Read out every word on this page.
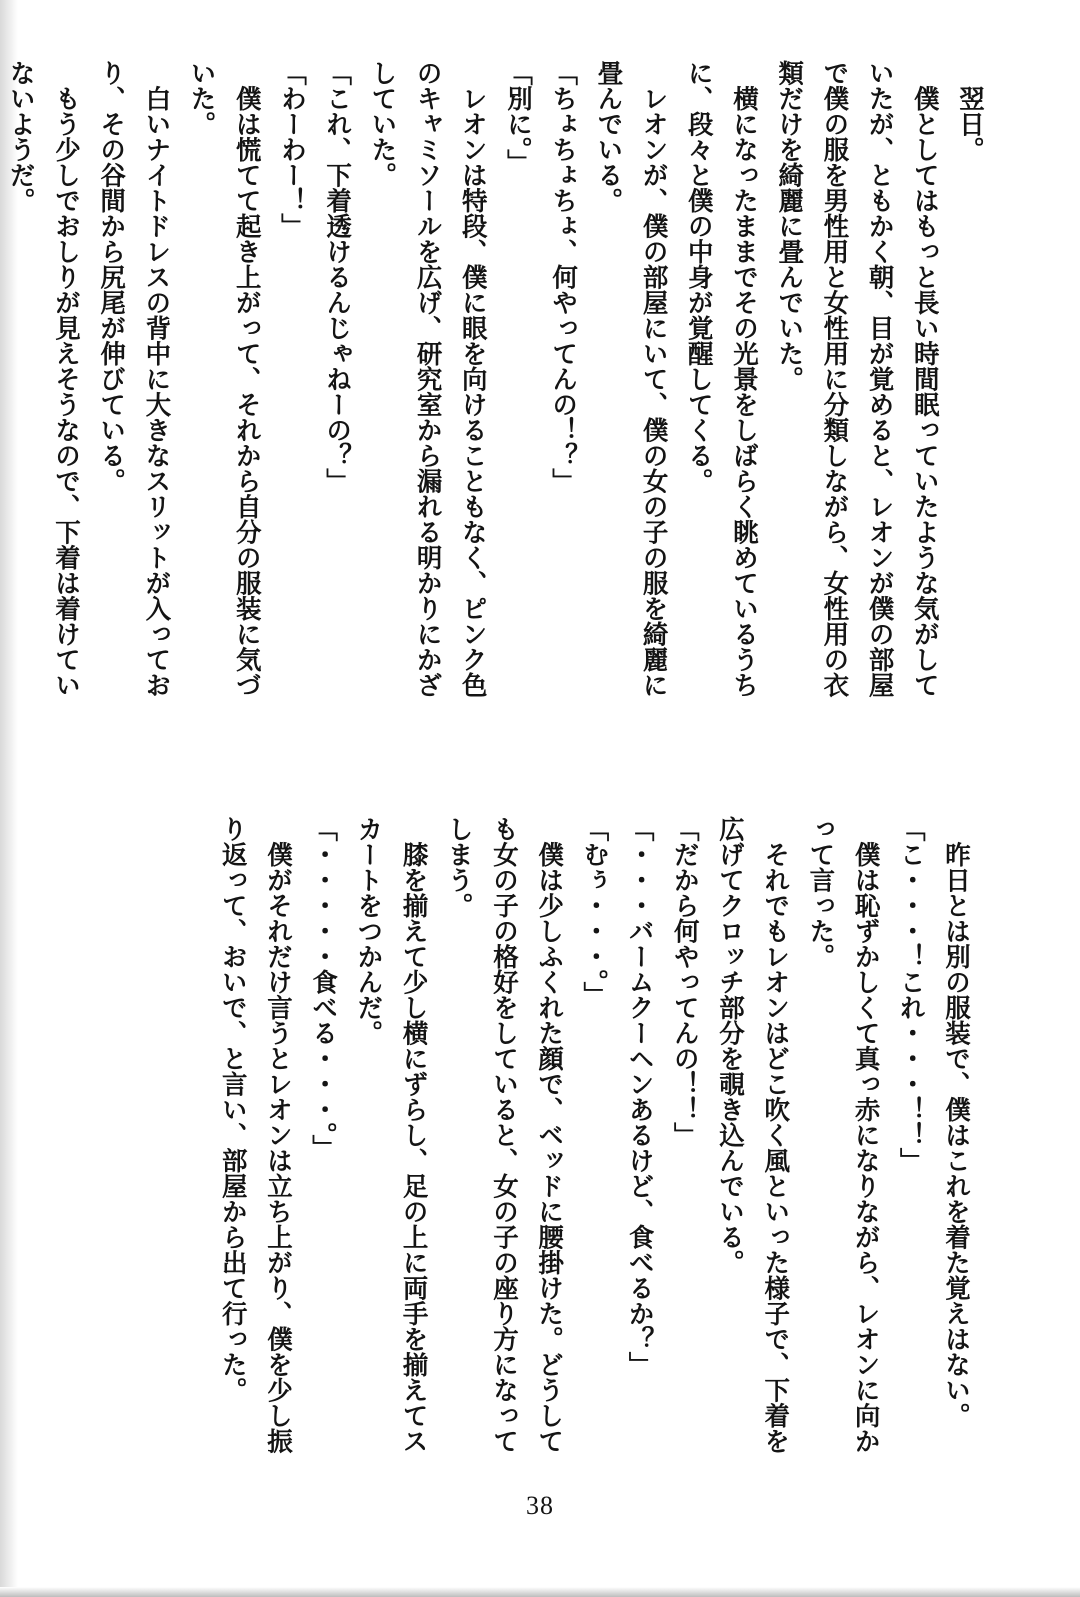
　翌日。
　僕としてはもっと長い時間眠っていたような気がして
いたが、ともかく朝、目が覚めると、レオンが僕の部屋
で僕の服を男性用と女性用に分類しながら、女性用の衣
類だけを綺麗に畳んでいた。
　横になったままでその光景をしばらく眺めているうち
に、段々と僕の中身が覚醒してくる。
　レオンが、僕の部屋にいて、僕の女の子の服を綺麗に
畳んでいる。
「ちょちょちょ、何やってんの！？」
「別に。」
　レオンは特段、僕に眼を向けることもなく、ピンク色
のキャミソールを広げ、研究室から漏れる明かりにかざ
していた。
「これ、下着透けるんじゃねーの？」
「わーわー！」
　僕は慌てて起き上がって、それから自分の服装に気づ
いた。
　白いナイトドレスの背中に大きなスリットが入ってお
り、その谷間から尻尾が伸びている。
　もう少しでおしりが見えそうなので、下着は着けてい
ないようだ。
　昨日とは別の服装で、僕はこれを着た覚えはない。
「こ・・・！これ・・・！！」
　僕は恥ずかしくて真っ赤になりながら、レオンに向か
って言った。
　それでもレオンはどこ吹く風といった様子で、下着を
広げてクロッチ部分を覗き込んでいる。
「だから何やってんの！！」
「・・・バームクーヘンあるけど、食べるか？」
「むぅ・・・。」
　僕は少しふくれた顔で、ベッドに腰掛けた。どうして
も女の子の格好をしていると、女の子の座り方になって
しまう。
　膝を揃えて少し横にずらし、足の上に両手を揃えてス
カートをつかんだ。
「・・・・・食べる・・・。」
　僕がそれだけ言うとレオンは立ち上がり、僕を少し振
り返って、おいで、と言い、部屋から出て行った。
38
